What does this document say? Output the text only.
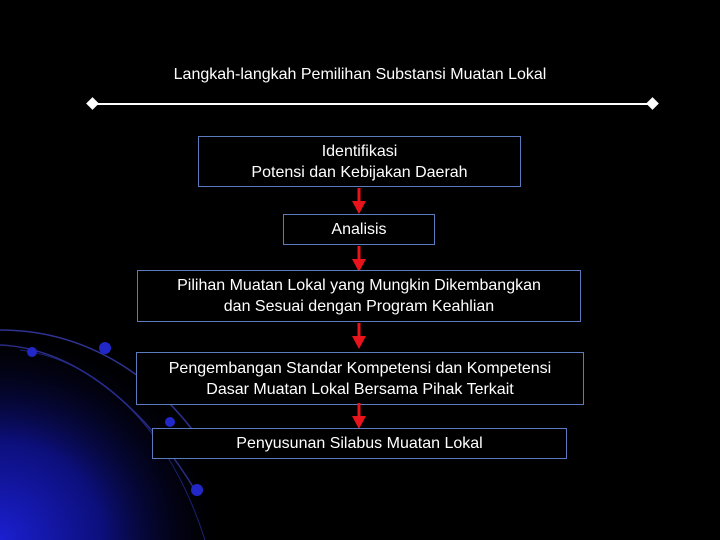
Langkah-langkah Pemilihan Substansi Muatan Lokal
Identifikasi
Potensi dan Kebijakan Daerah
Analisis
Pilihan Muatan Lokal yang Mungkin Dikembangkan
dan Sesuai dengan Program Keahlian
Pengembangan Standar Kompetensi dan Kompetensi
Dasar Muatan Lokal Bersama Pihak Terkait
Penyusunan Silabus Muatan Lokal
